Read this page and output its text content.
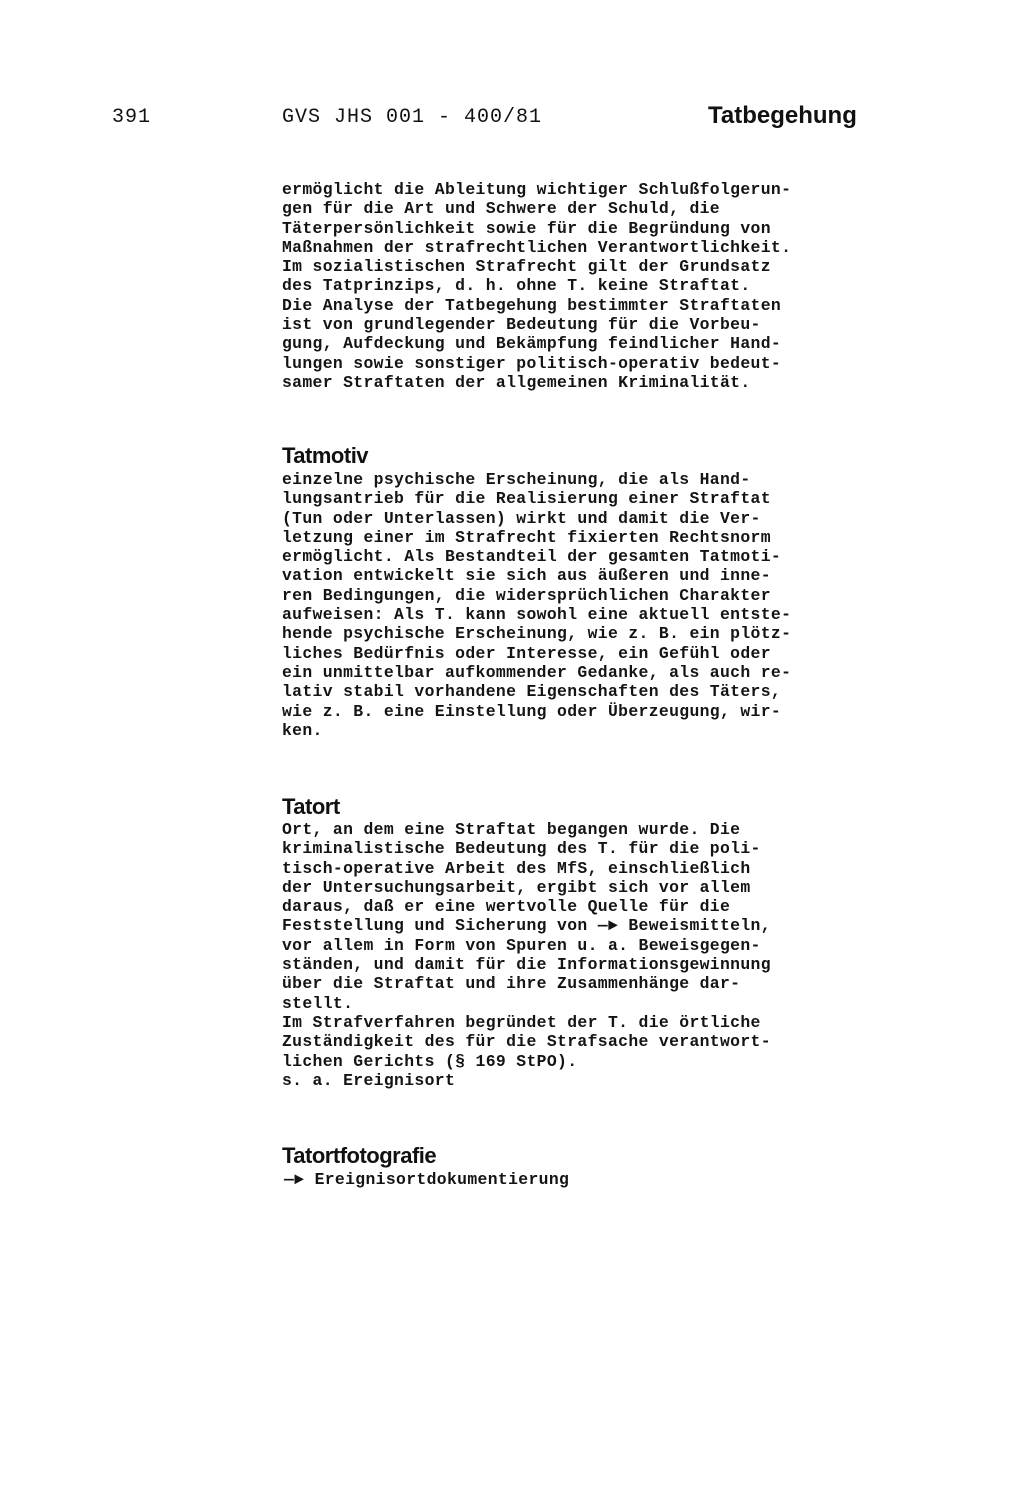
391	GVS JHS 001 - 400/81	Tatbegehung
ermöglicht die Ableitung wichtiger Schlußfolgerun-
gen für die Art und Schwere der Schuld, die
Täterpersönlichkeit sowie für die Begründung von
Maßnahmen der strafrechtlichen Verantwortlichkeit.
Im sozialistischen Strafrecht gilt der Grundsatz
des Tatprinzips, d. h. ohne T. keine Straftat.
Die Analyse der Tatbegehung bestimmter Straftaten
ist von grundlegender Bedeutung für die Vorbeu-
gung, Aufdeckung und Bekämpfung feindlicher Hand-
lungen sowie sonstiger politisch-operativ bedeut-
samer Straftaten der allgemeinen Kriminalität.
Tatmotiv
einzelne psychische Erscheinung, die als Hand-
lungsantrieb für die Realisierung einer Straftat
(Tun oder Unterlassen) wirkt und damit die Ver-
letzung einer im Strafrecht fixierten Rechtsnorm
ermöglicht. Als Bestandteil der gesamten Tatmoti-
vation entwickelt sie sich aus äußeren und inne-
ren Bedingungen, die widersprüchlichen Charakter
aufweisen: Als T. kann sowohl eine aktuell entste-
hende psychische Erscheinung, wie z. B. ein plötz-
liches Bedürfnis oder Interesse, ein Gefühl oder
ein unmittelbar aufkommender Gedanke, als auch re-
lativ stabil vorhandene Eigenschaften des Täters,
wie z. B. eine Einstellung oder Überzeugung, wir-
ken.
Tatort
Ort, an dem eine Straftat begangen wurde. Die
kriminalistische Bedeutung des T. für die poli-
tisch-operative Arbeit des MfS, einschließlich
der Untersuchungsarbeit, ergibt sich vor allem
daraus, daß er eine wertvolle Quelle für die
Feststellung und Sicherung von —► Beweismitteln,
vor allem in Form von Spuren u. a. Beweisgegen-
ständen, und damit für die Informationsgewinnung
über die Straftat und ihre Zusammenhänge dar-
stellt.
Im Strafverfahren begründet der T. die örtliche
Zuständigkeit des für die Strafsache verantwort-
lichen Gerichts (§ 169 StPO).
s. a. Ereignisort
Tatortfotografie
—► Ereignisortdokumentierung
